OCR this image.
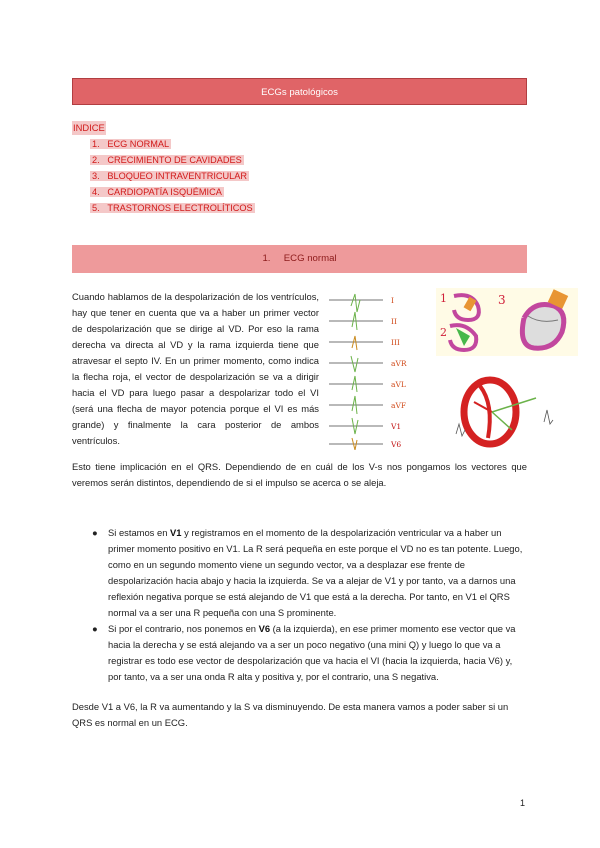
ECGs patológicos
INDICE
1. ECG NORMAL
2. CRECIMIENTO DE CAVIDADES
3. BLOQUEO INTRAVENTRICULAR
4. CARDIOPATÍA ISQUÉMICA
5. TRASTORNOS ELECTROLÍTICOS
1.     ECG normal

Cuando hablamos de la despolarización de los ventrículos, hay que tener en cuenta que va a haber un primer vector de despolarización que se dirige al VD. Por eso la rama derecha va directa al VD y la rama izquierda tiene que atravesar el septo IV. En un primer momento, como indica la flecha roja, el vector de despolarización se va a dirigir hacia el VD para luego pasar a despolarizar todo el VI (será una flecha de mayor potencia porque el VI es más grande) y finalmente la cara posterior de ambos ventrículos.

I
II
III
aVR
aVL
aVF
V1
V6
1
2
3

Esto tiene implicación en el QRS. Dependiendo de en cuál de los V-s nos pongamos los vectores que veremos serán distintos, dependiendo de si el impulso se acerca o se aleja.

● Si estamos en V1 y registramos en el momento de la despolarización ventricular va a haber un primer momento positivo en V1. La R será pequeña en este porque el VD no es tan potente. Luego, como en un segundo momento viene un segundo vector, va a desplazar ese frente de despolarización hacia abajo y hacia la izquierda. Se va a alejar de V1 y por tanto, va a darnos una reflexión negativa porque se está alejando de V1 que está a la derecha. Por tanto, en V1 el QRS normal va a ser una R pequeña con una S prominente.

● Si por el contrario, nos ponemos en V6 (a la izquierda), en ese primer momento ese vector que va hacia la derecha y se está alejando va a ser un poco negativo (una mini Q) y luego lo que va a registrar es todo ese vector de despolarización que va hacia el VI (hacia la izquierda, hacia V6) y, por tanto, va a ser una onda R alta y positiva y, por el contrario, una S negativa.

Desde V1 a V6, la R va aumentando y la S va disminuyendo. De esta manera vamos a poder saber si un QRS es normal en un ECG.

1
